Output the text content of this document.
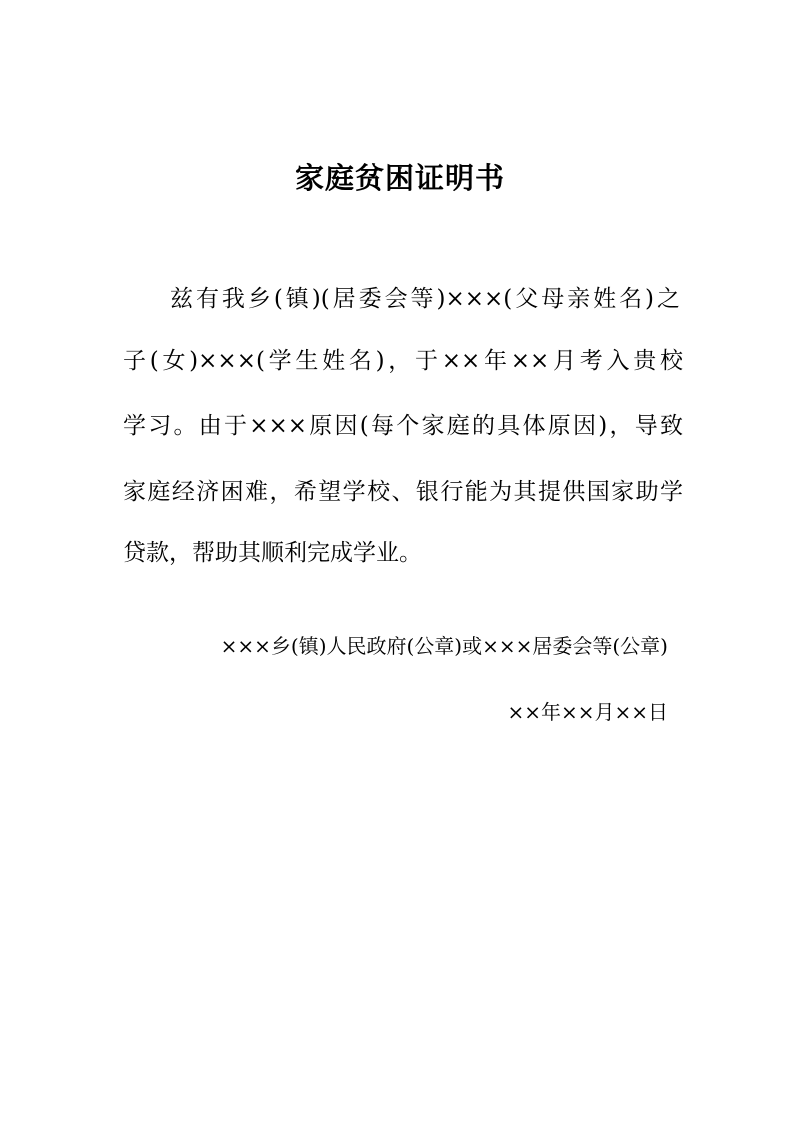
家庭贫困证明书

兹有我乡(镇)(居委会等)×××(父母亲姓名)之

子(女)×××(学生姓名)，于××年××月考入贵校

学习。由于×××原因(每个家庭的具体原因)，导致

家庭经济困难，希望学校、银行能为其提供国家助学

贷款，帮助其顺利完成学业。

×××乡(镇)人民政府(公章)或×××居委会等(公章)

××年××月××日
